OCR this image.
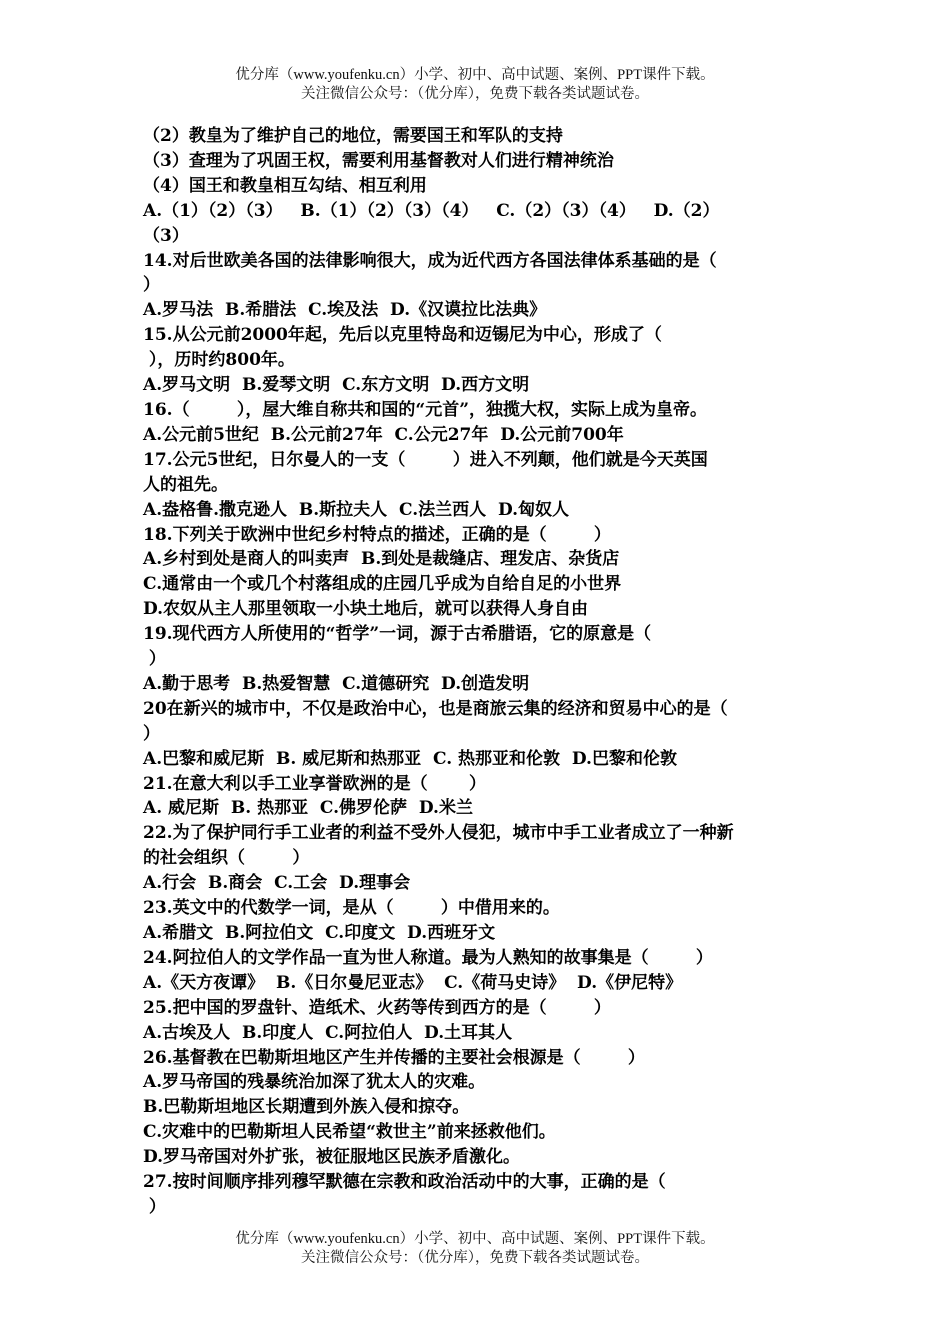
优分库（www.youfenku.cn）小学、初中、高中试题、案例、PPT课件下载。
关注微信公众号：（优分库），免费下载各类试题试卷。
（2）教皇为了维护自己的地位，需要国王和军队的支持
（3）查理为了巩固王权，需要利用基督教对人们进行精神统治
（4）国王和教皇相互勾结、相互利用
A.（1）（2）（3）   B.（1）（2）（3）（4）   C.（2）（3）（4）   D.（2）
（3）
14.对后世欧美各国的法律影响很大，成为近代西方各国法律体系基础的是（
）
A.罗马法  B.希腊法  C.埃及法  D.《汉谟拉比法典》
15.从公元前2000年起，先后以克里特岛和迈锡尼为中心，形成了（
），历时约800年。
A.罗马文明  B.爱琴文明  C.东方文明  D.西方文明
16.（        ），屋大维自称共和国的“元首”，独揽大权，实际上成为皇帝。
A.公元前5世纪  B.公元前27年  C.公元27年  D.公元前700年
17.公元5世纪，日尔曼人的一支（        ）进入不列颠，他们就是今天英国
人的祖先。
A.盎格鲁.撒克逊人  B.斯拉夫人  C.法兰西人  D.匈奴人
18.下列关于欧洲中世纪乡村特点的描述，正确的是（        ）
A.乡村到处是商人的叫卖声  B.到处是裁缝店、理发店、杂货店
C.通常由一个或几个村落组成的庄园几乎成为自给自足的小世界
D.农奴从主人那里领取一小块土地后，就可以获得人身自由
19.现代西方人所使用的“哲学”一词，源于古希腊语，它的原意是（
）
A.勤于思考  B.热爱智慧  C.道德研究  D.创造发明
20在新兴的城市中，不仅是政治中心，也是商旅云集的经济和贸易中心的是（
）
A.巴黎和威尼斯  B. 威尼斯和热那亚  C. 热那亚和伦敦  D.巴黎和伦敦
21.在意大利以手工业享誉欧洲的是（       ）
A. 威尼斯  B. 热那亚  C.佛罗伦萨  D.米兰
22.为了保护同行手工业者的利益不受外人侵犯，城市中手工业者成立了一种新
的社会组织（        ）
A.行会  B.商会  C.工会  D.理事会
23.英文中的代数学一词，是从（        ）中借用来的。
A.希腊文  B.阿拉伯文  C.印度文  D.西班牙文
24.阿拉伯人的文学作品一直为世人称道。最为人熟知的故事集是（        ）
A.《天方夜谭》  B.《日尔曼尼亚志》  C.《荷马史诗》  D.《伊尼特》
25.把中国的罗盘针、造纸术、火药等传到西方的是（        ）
A.古埃及人  B.印度人  C.阿拉伯人  D.土耳其人
26.基督教在巴勒斯坦地区产生并传播的主要社会根源是（        ）
A.罗马帝国的残暴统治加深了犹太人的灾难。
B.巴勒斯坦地区长期遭到外族入侵和掠夺。
C.灾难中的巴勒斯坦人民希望“救世主”前来拯救他们。
D.罗马帝国对外扩张，被征服地区民族矛盾激化。
27.按时间顺序排列穆罕默德在宗教和政治活动中的大事，正确的是（
）
优分库（www.youfenku.cn）小学、初中、高中试题、案例、PPT课件下载。
关注微信公众号：（优分库），免费下载各类试题试卷。
